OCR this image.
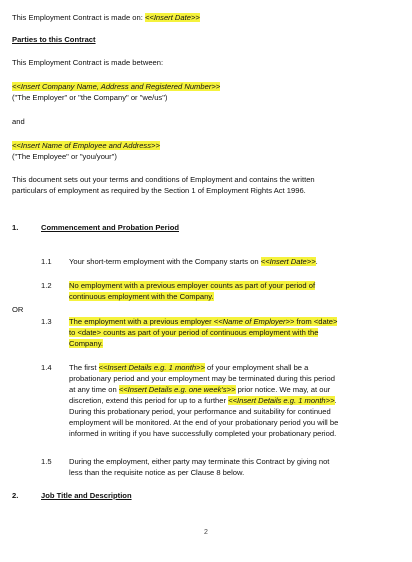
This Employment Contract is made on: <<Insert Date>>
Parties to this Contract
This Employment Contract is made between:
<<Insert Company Name, Address and Registered Number>>
("The Employer" or "the Company" or "we/us")
and
<<Insert Name of Employee and Address>>
("The Employee" or "you/your")
This document sets out your terms and conditions of Employment and contains the written
particulars of employment as required by the Section 1 of Employment Rights Act 1996.
1.	Commencement and Probation Period
1.1 Your short-term employment with the Company starts on <<Insert Date>>.
1.2 No employment with a previous employer counts as part of your period of
continuous employment with the Company.
OR
1.3 The employment with a previous employer <<Name of Employer>> from <date>
to <date> counts as part of your period of continuous employment with the
Company.
1.4 The first <<Insert Details e.g. 1 month>> of your employment shall be a
probationary period and your employment may be terminated during this period
at any time on <<Insert Details e.g. one week's>> prior notice. We may, at our
discretion, extend this period for up to a further <<Insert Details e.g. 1 month>>.
During this probationary period, your performance and suitability for continued
employment will be monitored. At the end of your probationary period you will be
informed in writing if you have successfully completed your probationary period.
1.5 During the employment, either party may terminate this Contract by giving not
less than the requisite notice as per Clause 8 below.
2.	Job Title and Description
2
